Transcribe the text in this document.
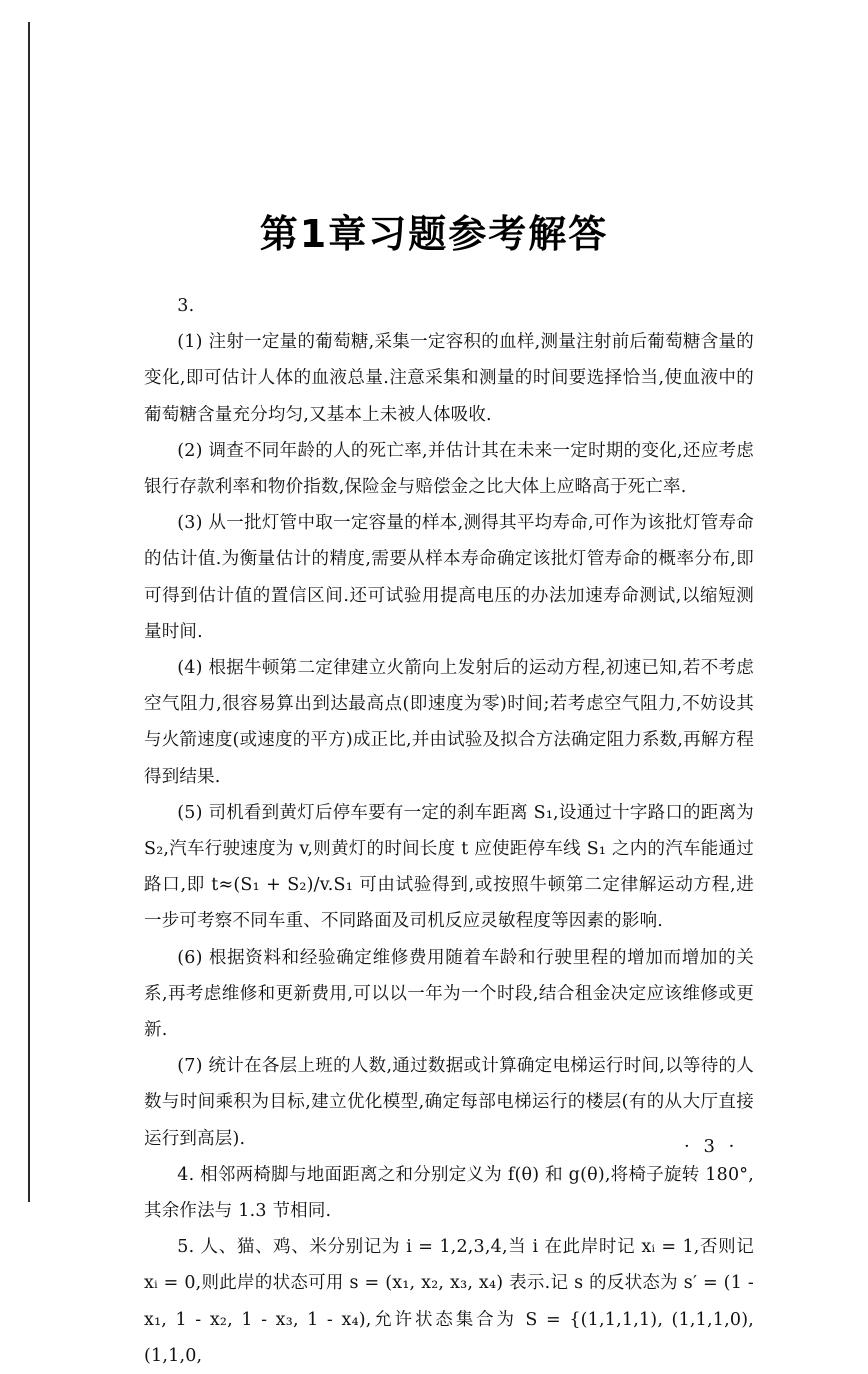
第1章习题参考解答

3.

(1) 注射一定量的葡萄糖,采集一定容积的血样,测量注射前后葡萄糖含量的变化,即可估计人体的血液总量.注意采集和测量的时间要选择恰当,使血液中的葡萄糖含量充分均匀,又基本上未被人体吸收.

(2) 调查不同年龄的人的死亡率,并估计其在未来一定时期的变化,还应考虑银行存款利率和物价指数,保险金与赔偿金之比大体上应略高于死亡率.

(3) 从一批灯管中取一定容量的样本,测得其平均寿命,可作为该批灯管寿命的估计值.为衡量估计的精度,需要从样本寿命确定该批灯管寿命的概率分布,即可得到估计值的置信区间.还可试验用提高电压的办法加速寿命测试,以缩短测量时间.

(4) 根据牛顿第二定律建立火箭向上发射后的运动方程,初速已知,若不考虑空气阻力,很容易算出到达最高点(即速度为零)时间;若考虑空气阻力,不妨设其与火箭速度(或速度的平方)成正比,并由试验及拟合方法确定阻力系数,再解方程得到结果.

(5) 司机看到黄灯后停车要有一定的刹车距离 S₁,设通过十字路口的距离为 S₂,汽车行驶速度为 v,则黄灯的时间长度 t 应使距停车线 S₁ 之内的汽车能通过路口,即 t≈(S₁ + S₂)/v.S₁ 可由试验得到,或按照牛顿第二定律解运动方程,进一步可考察不同车重、不同路面及司机反应灵敏程度等因素的影响.

(6) 根据资料和经验确定维修费用随着车龄和行驶里程的增加而增加的关系,再考虑维修和更新费用,可以以一年为一个时段,结合租金决定应该维修或更新.

(7) 统计在各层上班的人数,通过数据或计算确定电梯运行时间,以等待的人数与时间乘积为目标,建立优化模型,确定每部电梯运行的楼层(有的从大厅直接运行到高层).

4. 相邻两椅脚与地面距离之和分别定义为 f(θ) 和 g(θ),将椅子旋转 180°,其余作法与 1.3 节相同.

5. 人、猫、鸡、米分别记为 i = 1,2,3,4,当 i 在此岸时记 xᵢ = 1,否则记 xᵢ = 0,则此岸的状态可用 s = (x₁, x₂, x₃, x₄) 表示.记 s 的反状态为 s′ = (1 - x₁, 1 - x₂, 1 - x₃, 1 - x₄),允许状态集合为 S = {(1,1,1,1), (1,1,1,0), (1,1,0,

· 3 ·
